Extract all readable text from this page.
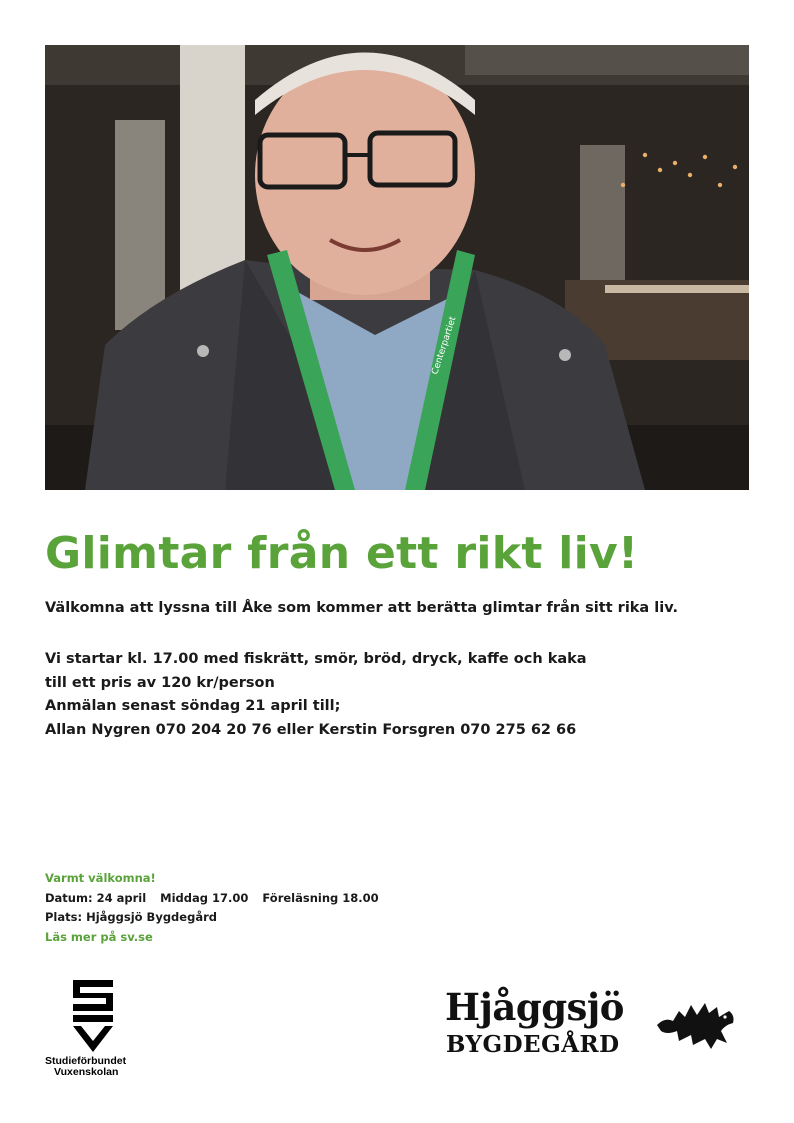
Centerpartiet
Glimtar från ett rikt liv!

Välkomna att lyssna till Åke som kommer att berätta glimtar från sitt rika liv.

Vi startar kl. 17.00 med fiskrätt, smör, bröd, dryck, kaffe och kaka
till ett pris av 120 kr/person
Anmälan senast söndag 21 april till;
Allan Nygren 070 204 20 76 eller Kerstin Forsgren 070 275 62 66
Varmt välkomna!
Datum: 24 april Middag 17.00 Föreläsning 18.00
Plats: Hjåggsjö Bygdegård
Läs mer på sv.se
Studieförbundet
Vuxenskolan
Hjåggsjö
BYGDEGÅRD
